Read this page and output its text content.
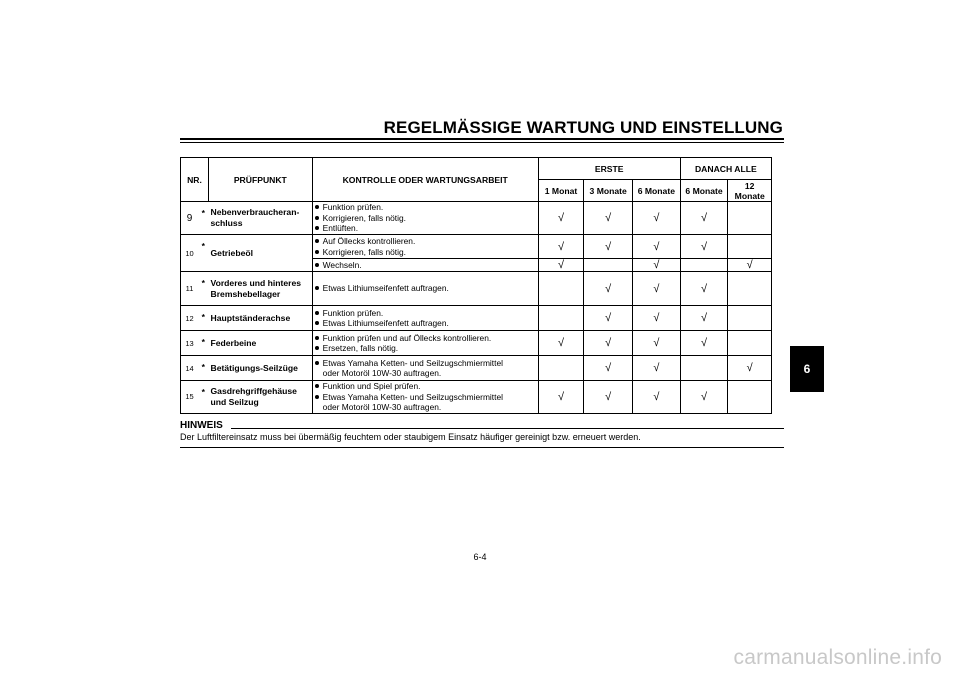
REGELMÄSSIGE WARTUNG UND EINSTELLUNG
NR.		PRÜFPUNKT	KONTROLLE ODER WARTUNGSARBEIT	ERSTE			DANACH ALLE	
				1 Monat	3 Monate	6 Monate	6 Monate	12 Monate
9	*	Nebenverbraucheran-schluss	Funktion prüfen.
Korrigieren, falls nötig.
Entlüften.	√	√	√	√	
10	*	Getriebeöl	Auf Öllecks kontrollieren.
Korrigieren, falls nötig.	√	√	√	√	

			Wechseln.	√		√		√
11	*	Vorderes und hinteres Bremshebellager	Etwas Lithiumseifenfett auftragen.		√	√	√	
12	*	Hauptständerachse	Funktion prüfen.
Etwas Lithiumseifenfett auftragen.		√	√	√	
13	*	Federbeine	Funktion prüfen und auf Öllecks kontrollieren.
Ersetzen, falls nötig.	√	√	√	√	
14	*	Betätigungs-Seilzüge	Etwas Yamaha Ketten- und Seilzugschmiermittel
oder Motoröl 10W-30 auftragen.		√	√		√
15	*	Gasdrehgriffgehäuse und Seilzug	Funktion und Spiel prüfen.
Etwas Yamaha Ketten- und Seilzugschmiermittel
oder Motoröl 10W-30 auftragen.	√	√	√	√	
HINWEIS
Der Luftfiltereinsatz muss bei übermäßig feuchtem oder staubigem Einsatz häufiger gereinigt bzw. erneuert werden.
6
6-4
carmanualsonline.info
